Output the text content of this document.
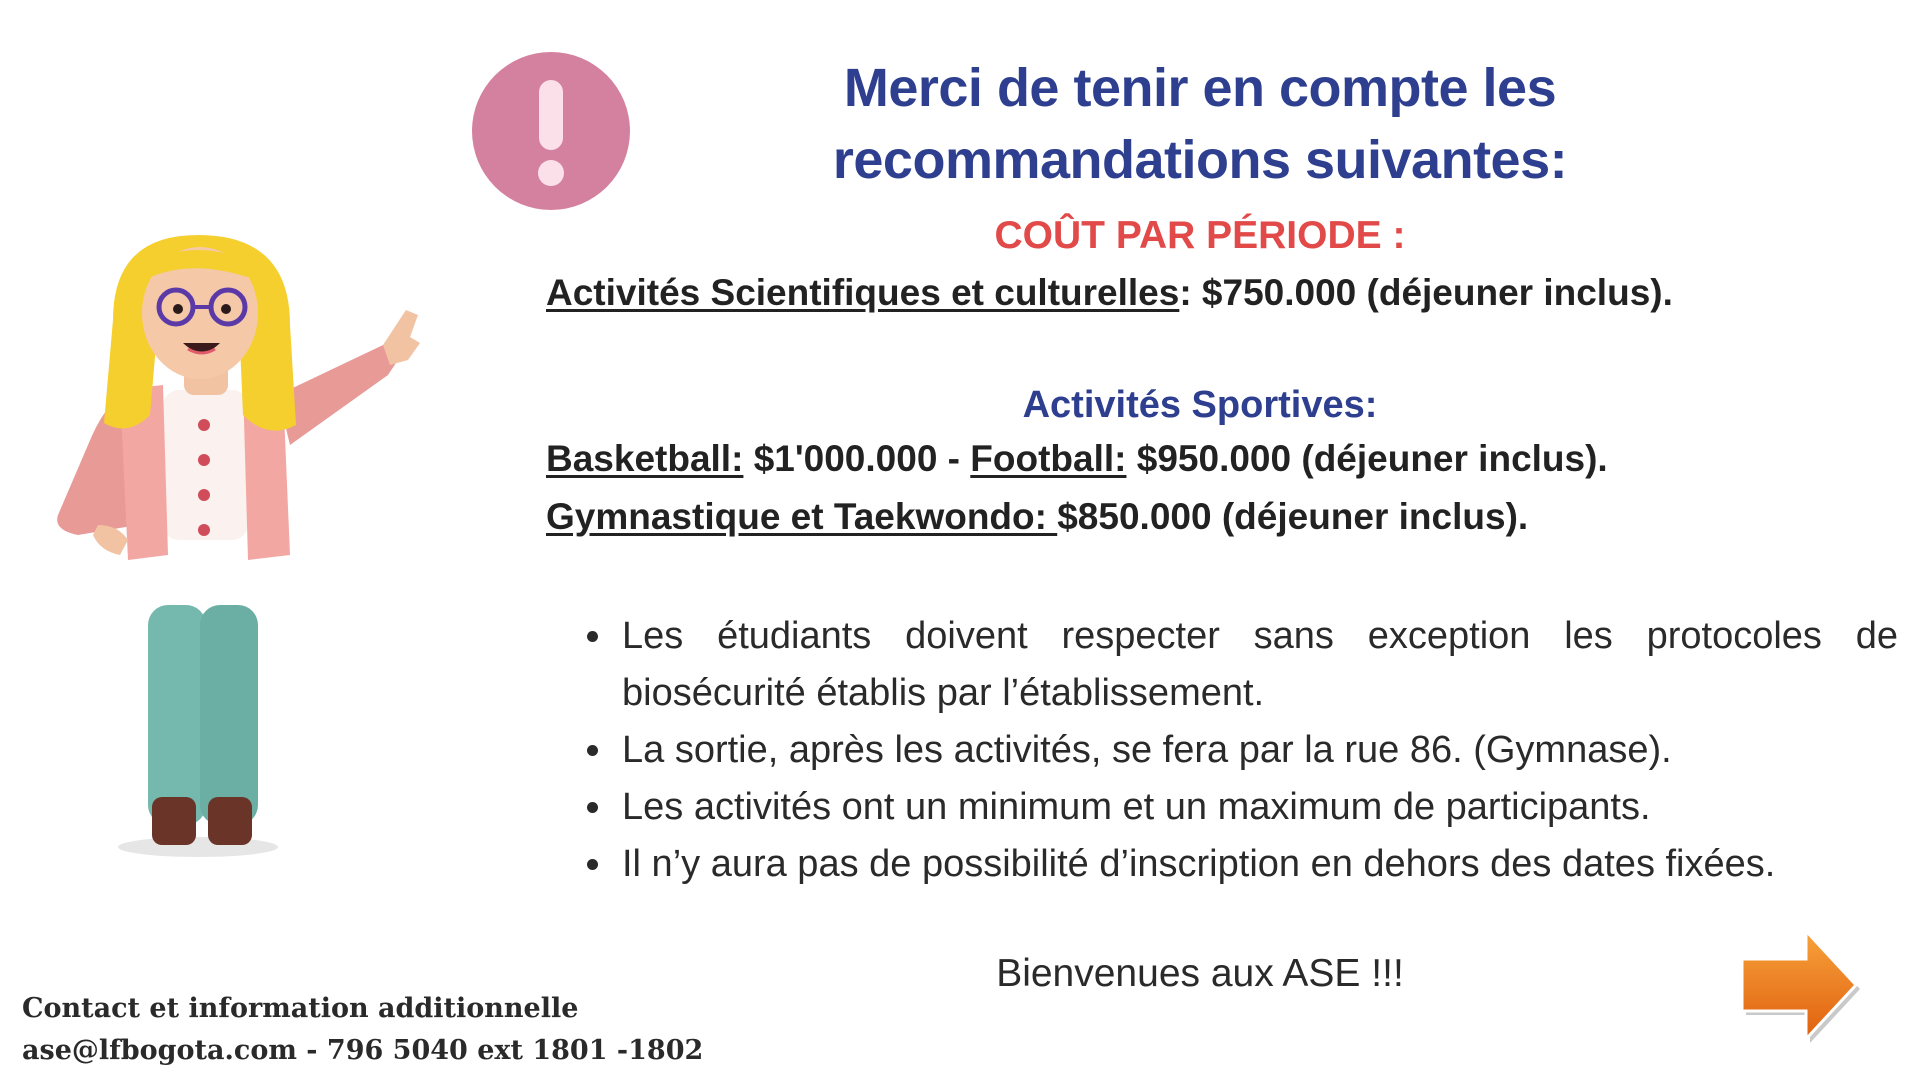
Merci de tenir en compte les
recommandations suivantes:

COÛT PAR PÉRIODE :

Activités Scientifiques et culturelles: $750.000 (déjeuner inclus).

Activités Sportives:

Basketball: $1'000.000 - Football: $950.000 (déjeuner inclus).

Gymnastique et Taekwondo: $850.000 (déjeuner inclus).

• Les étudiants doivent respecter sans exception les protocoles de biosécurité établis par l’établissement.
• La sortie, après les activités, se fera par la rue 86. (Gymnase).
• Les activités ont un minimum et un maximum de participants.
• Il n’y aura pas de possibilité d’inscription en dehors des dates fixées.

Bienvenues aux ASE !!!

Contact et information additionnelle
ase@lfbogota.com - 796 5040 ext 1801 -1802
